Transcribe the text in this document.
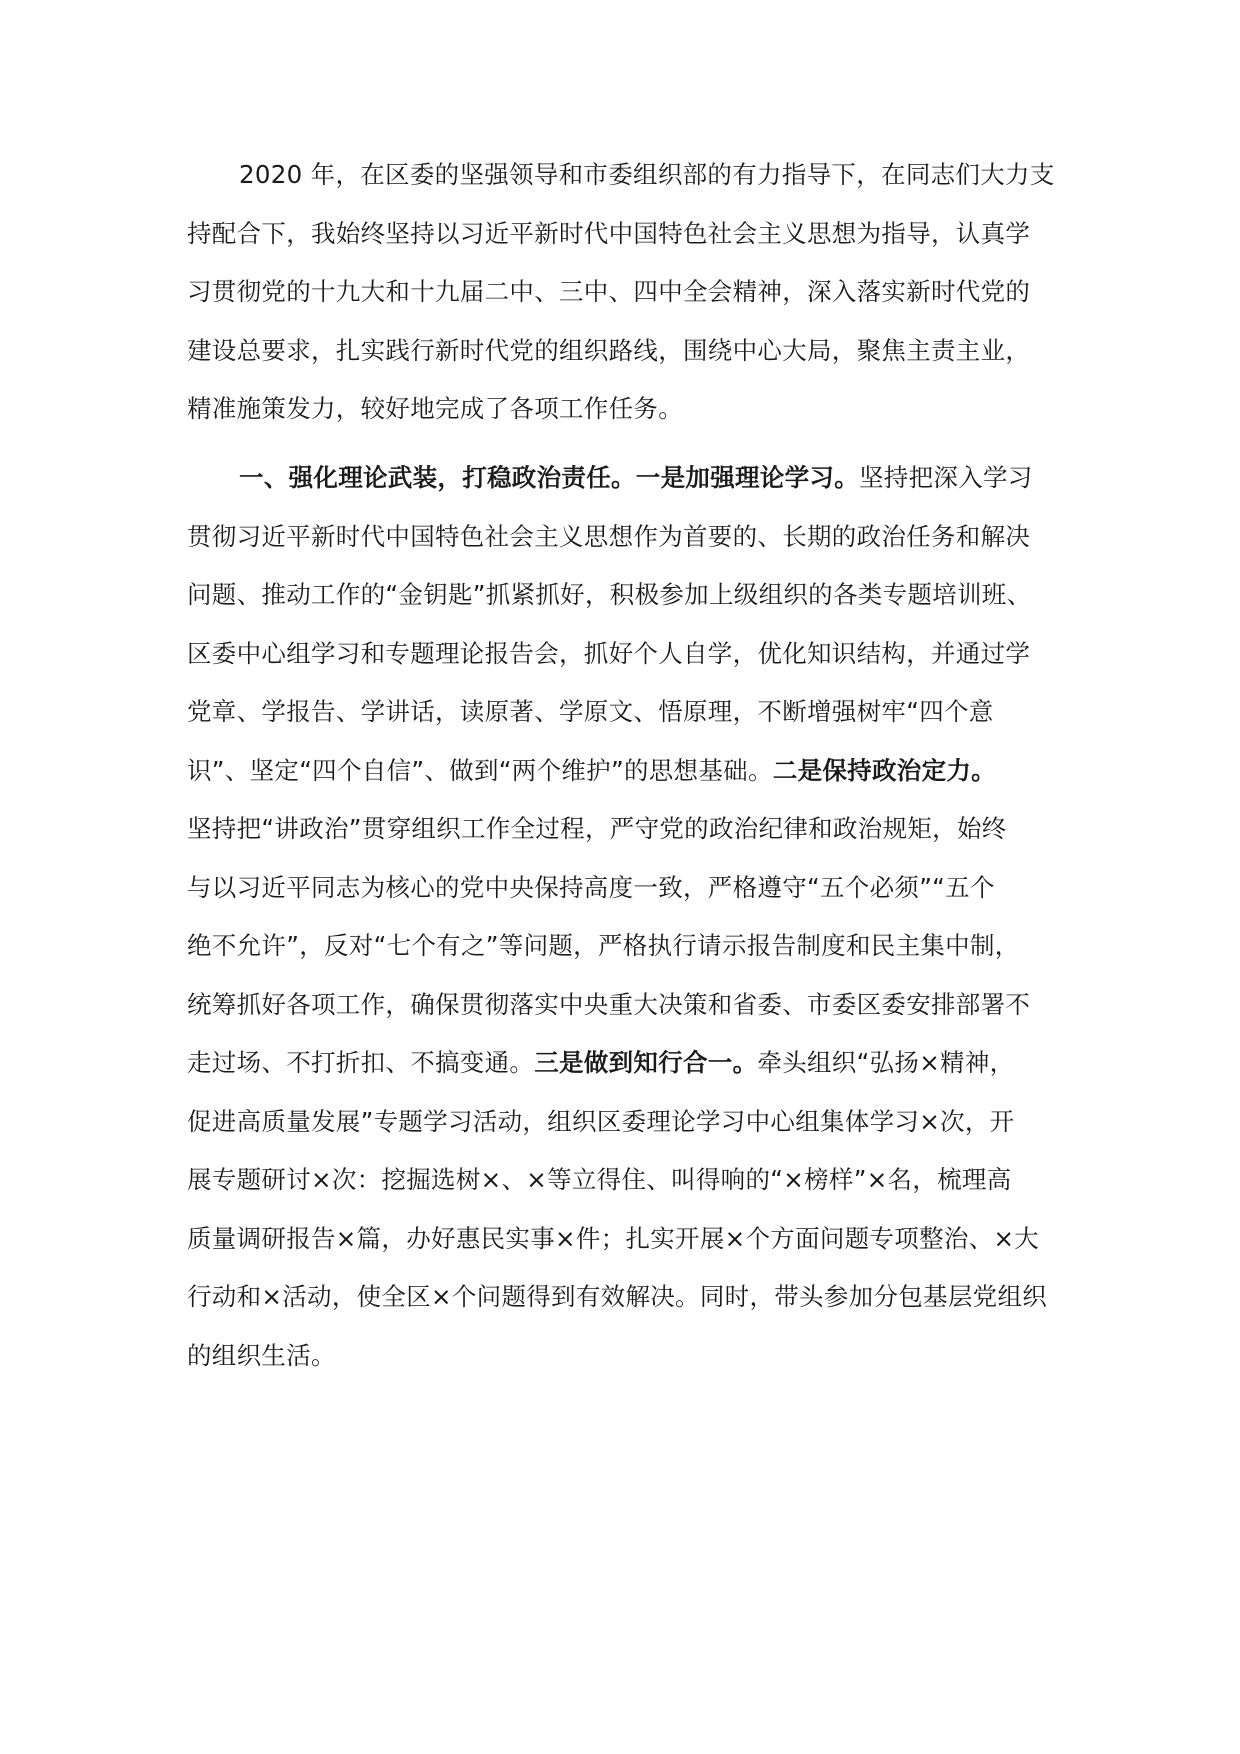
2020 年，在区委的坚强领导和市委组织部的有力指导下，在同志们大力支
持配合下，我始终坚持以习近平新时代中国特色社会主义思想为指导，认真学
习贯彻党的十九大和十九届二中、三中、四中全会精神，深入落实新时代党的
建设总要求，扎实践行新时代党的组织路线，围绕中心大局，聚焦主责主业，
精准施策发力，较好地完成了各项工作任务。
一、强化理论武装，打稳政治责任。一是加强理论学习。坚持把深入学习
贯彻习近平新时代中国特色社会主义思想作为首要的、长期的政治任务和解决
问题、推动工作的“金钥匙”抓紧抓好，积极参加上级组织的各类专题培训班、
区委中心组学习和专题理论报告会，抓好个人自学，优化知识结构，并通过学
党章、学报告、学讲话，读原著、学原文、悟原理，不断增强树牢“四个意
识”、坚定“四个自信”、做到“两个维护”的思想基础。二是保持政治定力。
坚持把“讲政治”贯穿组织工作全过程，严守党的政治纪律和政治规矩，始终
与以习近平同志为核心的党中央保持高度一致，严格遵守“五个必须”“五个
绝不允许”，反对“七个有之”等问题，严格执行请示报告制度和民主集中制，
统筹抓好各项工作，确保贯彻落实中央重大决策和省委、市委区委安排部署不
走过场、不打折扣、不搞变通。三是做到知行合一。牵头组织“弘扬×精神，
促进高质量发展”专题学习活动，组织区委理论学习中心组集体学习×次，开
展专题研讨×次：挖掘选树×、×等立得住、叫得响的“×榜样”×名，梳理高
质量调研报告×篇，办好惠民实事×件；扎实开展×个方面问题专项整治、×大
行动和×活动，使全区×个问题得到有效解决。同时，带头参加分包基层党组织
的组织生活。
